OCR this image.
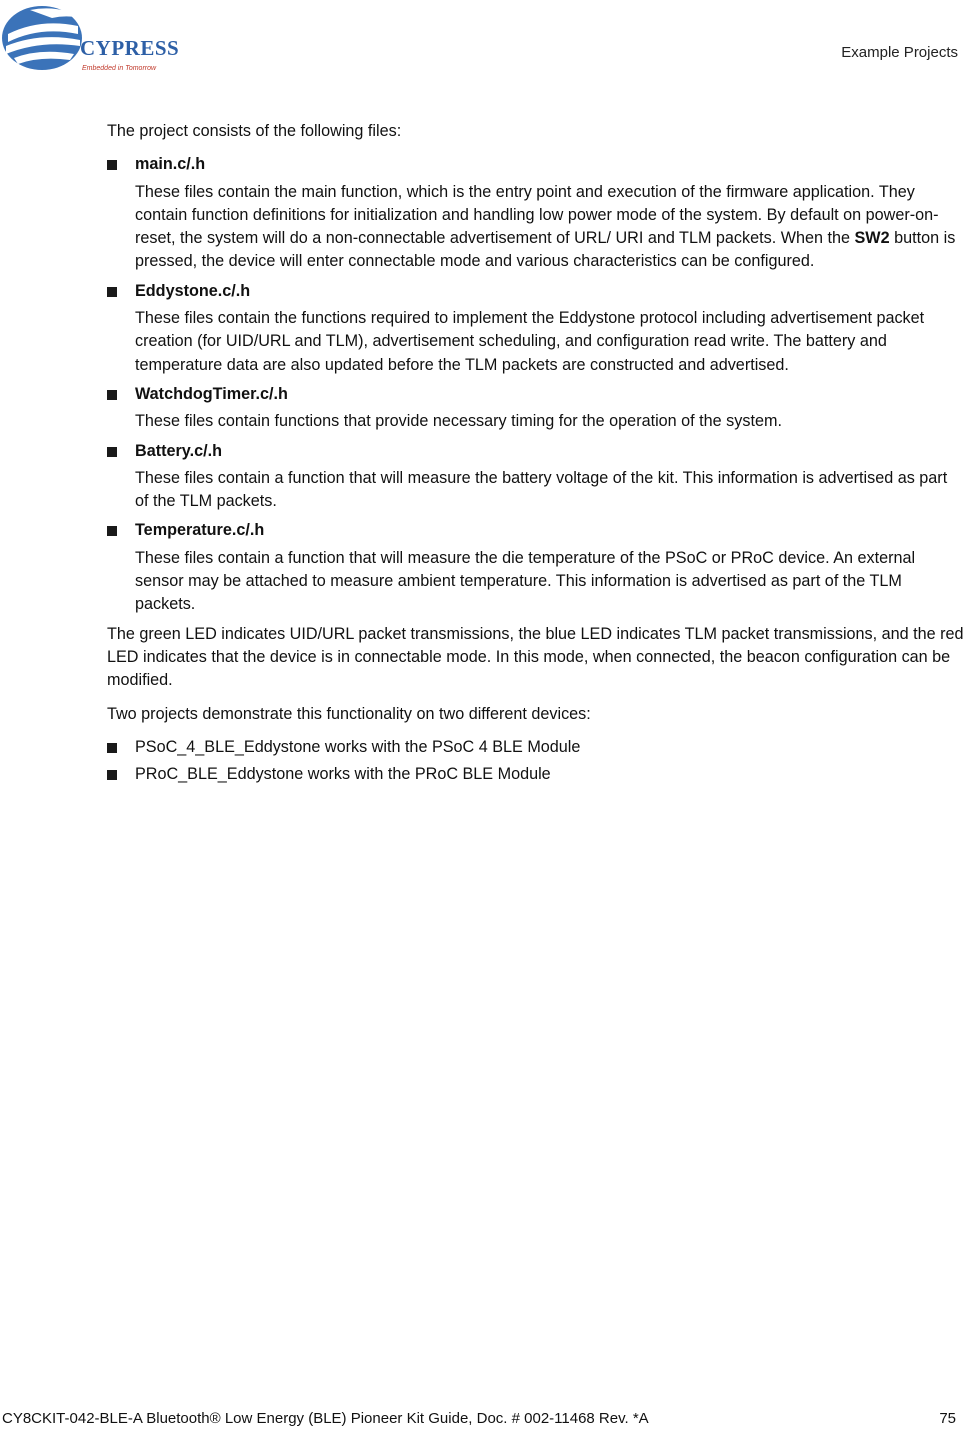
CYPRESS
Embedded in Tomorrow
Example Projects

The project consists of the following files:

main.c/.h
These files contain the main function, which is the entry point and execution of the firmware application. They contain function definitions for initialization and handling low power mode of the system. By default on power-on-reset, the system will do a non-connectable advertisement of URL/ URI and TLM packets. When the SW2 button is pressed, the device will enter connectable mode and various characteristics can be configured.
Eddystone.c/.h
These files contain the functions required to implement the Eddystone protocol including advertisement packet creation (for UID/URL and TLM), advertisement scheduling, and configuration read write. The battery and temperature data are also updated before the TLM packets are constructed and advertised.
WatchdogTimer.c/.h
These files contain functions that provide necessary timing for the operation of the system.
Battery.c/.h
These files contain a function that will measure the battery voltage of the kit. This information is advertised as part of the TLM packets.
Temperature.c/.h
These files contain a function that will measure the die temperature of the PSoC or PRoC device. An external sensor may be attached to measure ambient temperature. This information is advertised as part of the TLM packets.

The green LED indicates UID/URL packet transmissions, the blue LED indicates TLM packet transmissions, and the red LED indicates that the device is in connectable mode. In this mode, when connected, the beacon configuration can be modified.

Two projects demonstrate this functionality on two different devices:

PSoC_4_BLE_Eddystone works with the PSoC 4 BLE Module
PRoC_BLE_Eddystone works with the PRoC BLE Module
CY8CKIT-042-BLE-A Bluetooth® Low Energy (BLE) Pioneer Kit Guide, Doc. # 002-11468 Rev. *A	75
